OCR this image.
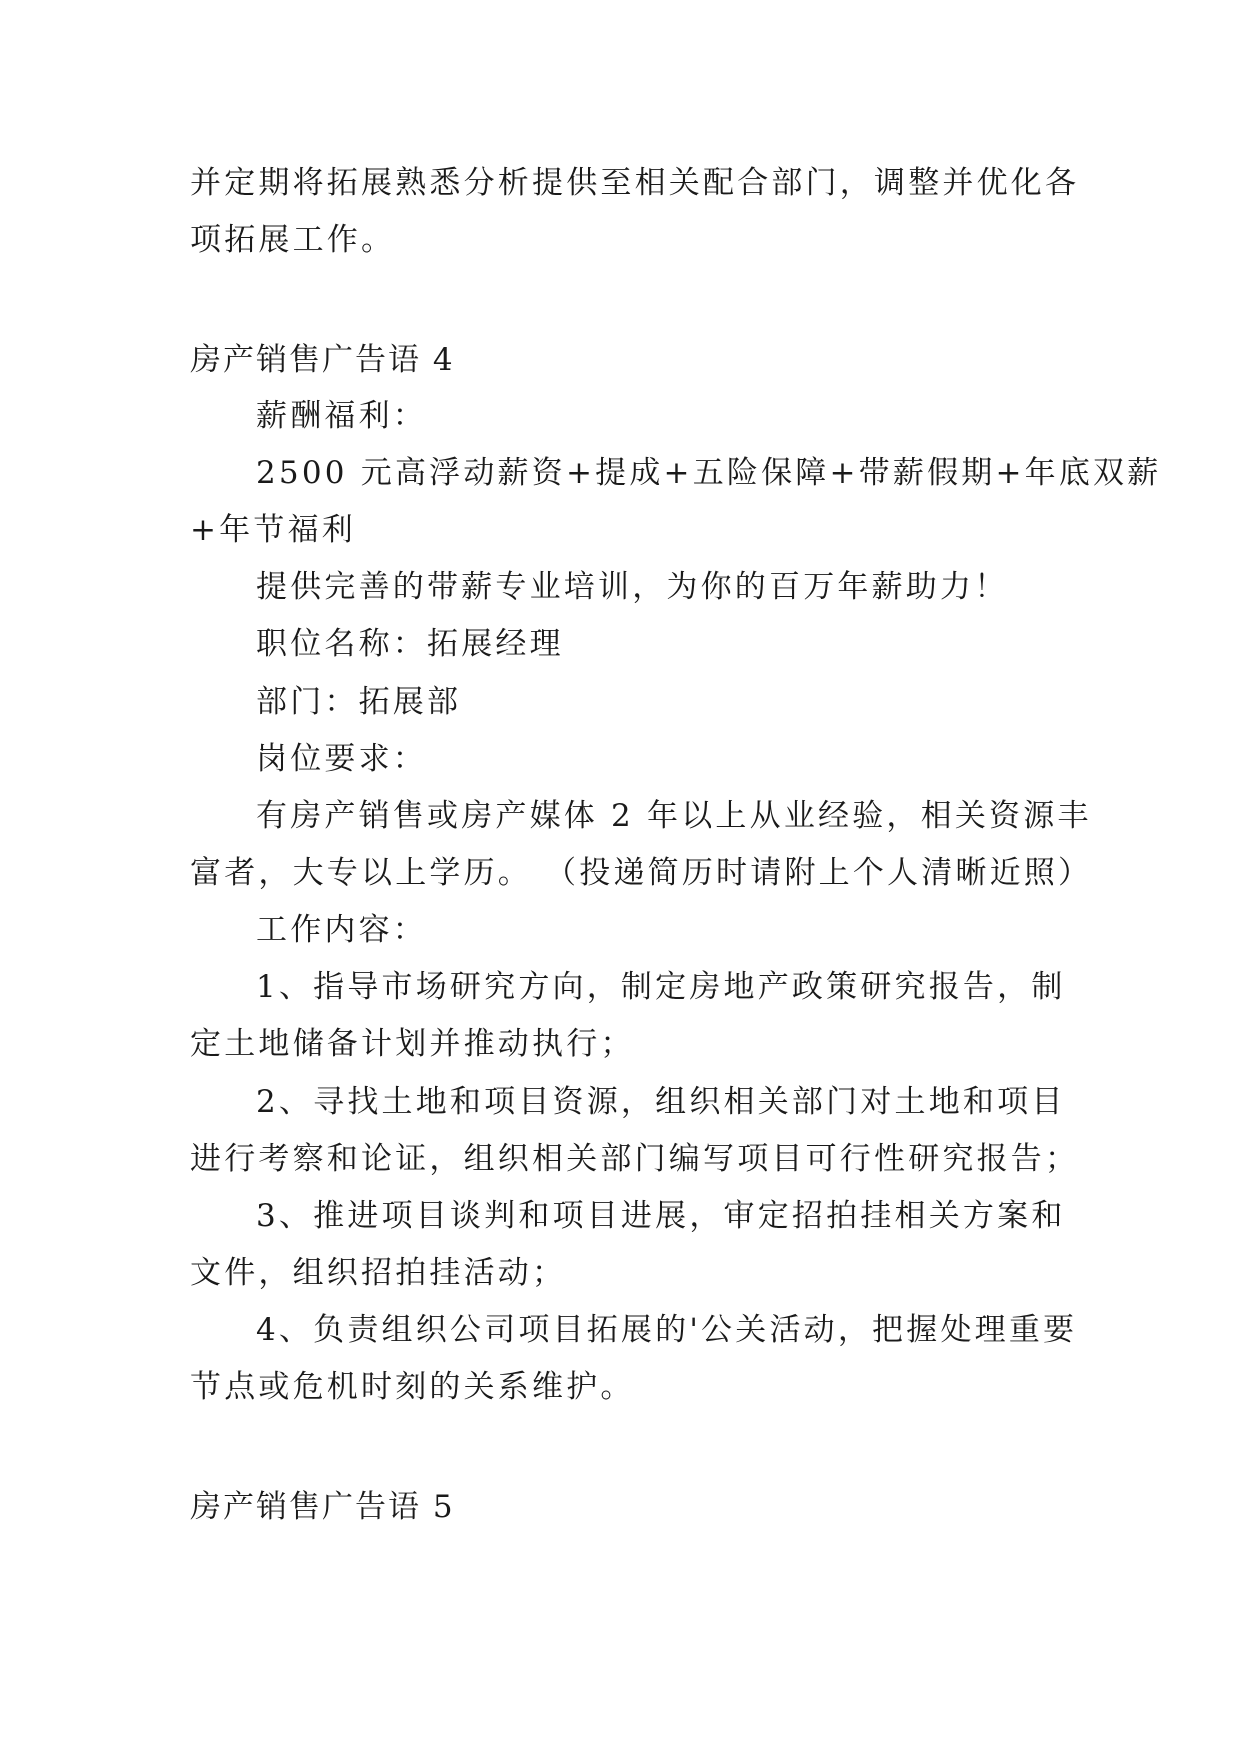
并定期将拓展熟悉分析提供至相关配合部门，调整并优化各
项拓展工作。
房产销售广告语 4
薪酬福利：
2500 元高浮动薪资+提成+五险保障+带薪假期+年底双薪
+年节福利
提供完善的带薪专业培训，为你的百万年薪助力！
职位名称：拓展经理
部门：拓展部
岗位要求：
有房产销售或房产媒体 2 年以上从业经验，相关资源丰
富者，大专以上学历。 （投递简历时请附上个人清晰近照）
工作内容：
1、指导市场研究方向，制定房地产政策研究报告，制
定土地储备计划并推动执行；
2、寻找土地和项目资源，组织相关部门对土地和项目
进行考察和论证，组织相关部门编写项目可行性研究报告；
3、推进项目谈判和项目进展，审定招拍挂相关方案和
文件，组织招拍挂活动；
4、负责组织公司项目拓展的'公关活动，把握处理重要
节点或危机时刻的关系维护。
房产销售广告语 5
